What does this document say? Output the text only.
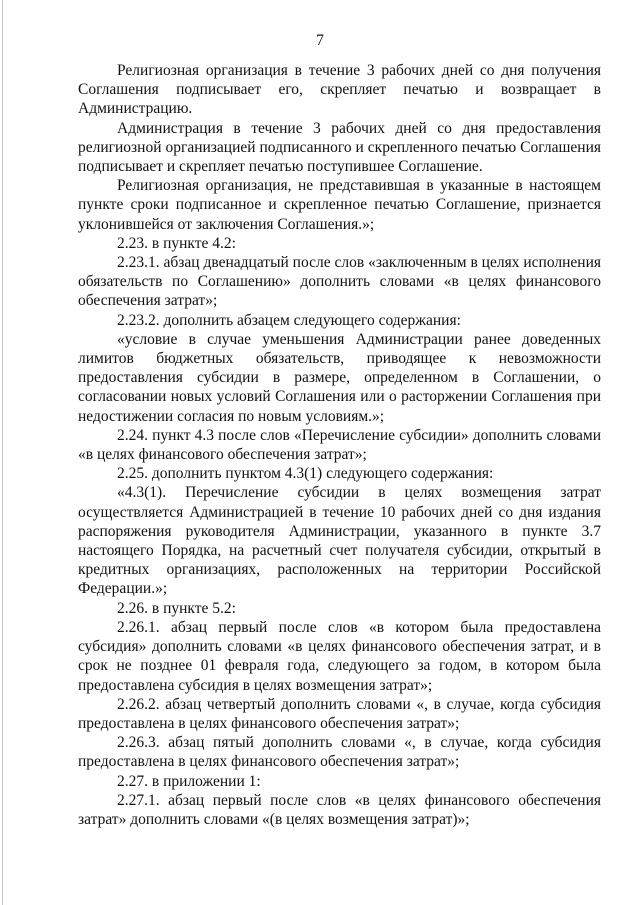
7

Религиозная организация в течение 3 рабочих дней со дня получения Соглашения подписывает его, скрепляет печатью и возвращает в Администрацию.

Администрация в течение 3 рабочих дней со дня предоставления религиозной организацией подписанного и скрепленного печатью Соглашения подписывает и скрепляет печатью поступившее Соглашение.

Религиозная организация, не представившая в указанные в настоящем пункте сроки подписанное и скрепленное печатью Соглашение, признается уклонившейся от заключения Соглашения.»;

2.23. в пункте 4.2:

2.23.1. абзац двенадцатый после слов «заключенным в целях исполнения обязательств по Соглашению» дополнить словами «в целях финансового обеспечения затрат»;

2.23.2. дополнить абзацем следующего содержания:

«условие в случае уменьшения Администрации ранее доведенных лимитов бюджетных обязательств, приводящее к невозможности предоставления субсидии в размере, определенном в Соглашении, о согласовании новых условий Соглашения или о расторжении Соглашения при недостижении согласия по новым условиям.»;

2.24. пункт 4.3 после слов «Перечисление субсидии» дополнить словами «в целях финансового обеспечения затрат»;

2.25. дополнить пунктом 4.3(1) следующего содержания:

«4.3(1). Перечисление субсидии в целях возмещения затрат осуществляется Администрацией в течение 10 рабочих дней со дня издания распоряжения руководителя Администрации, указанного в пункте 3.7 настоящего Порядка, на расчетный счет получателя субсидии, открытый в кредитных организациях, расположенных на территории Российской Федерации.»;

2.26. в пункте 5.2:

2.26.1. абзац первый после слов «в котором была предоставлена субсидия» дополнить словами «в целях финансового обеспечения затрат, и в срок не позднее 01 февраля года, следующего за годом, в котором была предоставлена субсидия в целях возмещения затрат»;

2.26.2. абзац четвертый дополнить словами «, в случае, когда субсидия предоставлена в целях финансового обеспечения затрат»;

2.26.3. абзац пятый дополнить словами «, в случае, когда субсидия предоставлена в целях финансового обеспечения затрат»;

2.27. в приложении 1:

2.27.1. абзац первый после слов «в целях финансового обеспечения затрат» дополнить словами «(в целях возмещения затрат)»;
